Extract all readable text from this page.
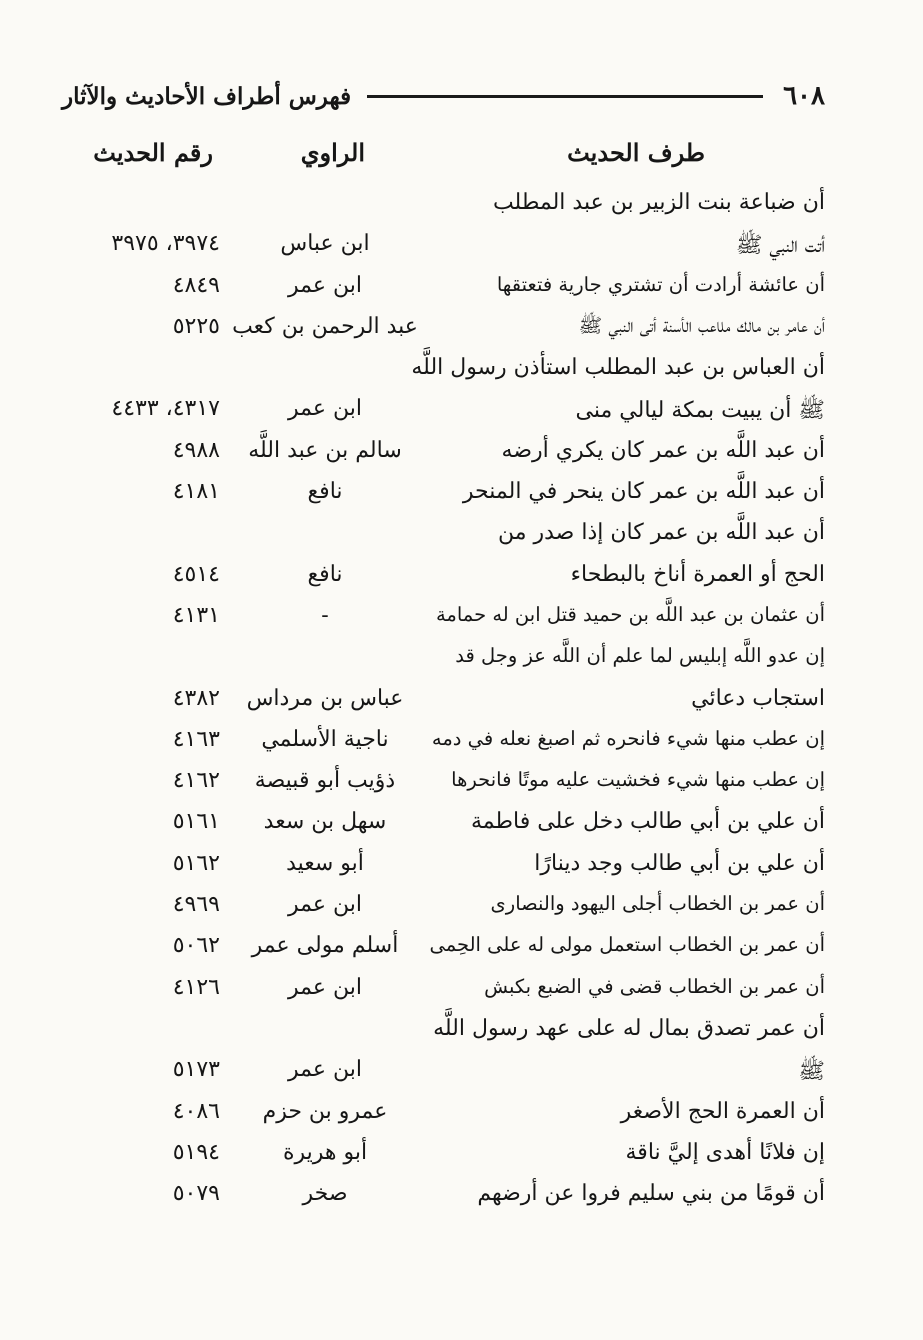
٦٠٨
فهرس أطراف الأحاديث والآثار
طرف الحديث
الراوي
رقم الحديث
أن ضباعة بنت الزبير بن عبد المطلب
أتت النبي ﷺ
ابن عباس
٣٩٧٤، ٣٩٧٥
أن عائشة أرادت أن تشتري جارية فتعتقها
ابن عمر
٤٨٤٩
أن عامر بن مالك ملاعب الأسنة أتى النبي ﷺ
عبد الرحمن بن كعب
٥٢٢٥
أن العباس بن عبد المطلب استأذن رسول اللَّه
ﷺ أن يبيت بمكة ليالي منى
ابن عمر
٤٣١٧، ٤٤٣٣
أن عبد اللَّه بن عمر كان يكري أرضه
سالم بن عبد اللَّه
٤٩٨٨
أن عبد اللَّه بن عمر كان ينحر في المنحر
نافع
٤١٨١
أن عبد اللَّه بن عمر كان إذا صدر من
الحج أو العمرة أناخ بالبطحاء
نافع
٤٥١٤
أن عثمان بن عبد اللَّه بن حميد قتل ابن له حمامة
-
٤١٣١
إن عدو اللَّه إبليس لما علم أن اللَّه عز وجل قد
استجاب دعائي
عباس بن مرداس
٤٣٨٢
إن عطب منها شيء فانحره ثم اصبغ نعله في دمه
ناجية الأسلمي
٤١٦٣
إن عطب منها شيء فخشيت عليه موتًا فانحرها
ذؤيب أبو قبيصة
٤١٦٢
أن علي بن أبي طالب دخل على فاطمة
سهل بن سعد
٥١٦١
أن علي بن أبي طالب وجد دينارًا
أبو سعيد
٥١٦٢
أن عمر بن الخطاب أجلى اليهود والنصارى
ابن عمر
٤٩٦٩
أن عمر بن الخطاب استعمل مولى له على الحِمى
أسلم مولى عمر
٥٠٦٢
أن عمر بن الخطاب قضى في الضبع بكبش
ابن عمر
٤١٢٦
أن عمر تصدق بمال له على عهد رسول اللَّه
ﷺ
ابن عمر
٥١٧٣
أن العمرة الحج الأصغر
عمرو بن حزم
٤٠٨٦
إن فلانًا أهدى إليَّ ناقة
أبو هريرة
٥١٩٤
أن قومًا من بني سليم فروا عن أرضهم
صخر
٥٠٧٩
